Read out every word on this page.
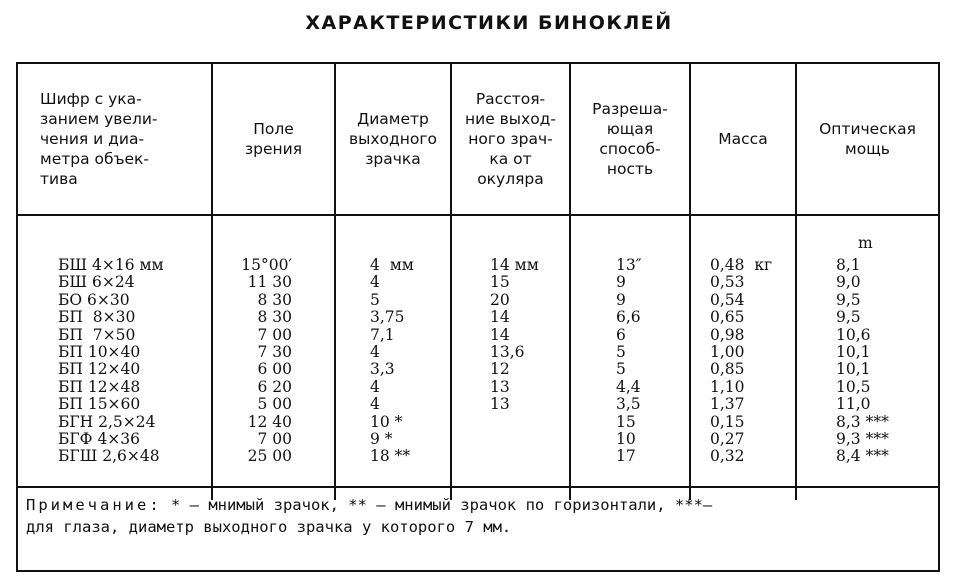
ХАРАКТЕРИСТИКИ БИНОКЛЕЙ
Шифр с ука-
занием увели-
чения и диа-
метра объек-
тива
Поле
зрения
Диаметр
выходного
зрачка
Расстоя-
ние выход-
ного зрач-
ка от
окуляра
Разреша-
ющая
способ-
ность
Масса
Оптическая
мощь
m
БШ 4×16 мм
БШ 6×24
БО 6×30
БП  8×30
БП  7×50
БП 10×40
БП 12×40
БП 12×48
БП 15×60
БГН 2,5×24
БГФ 4×36
БГШ 2,6×48
15°00′
11 30
8 30
8 30
7 00
7 30
6 00
6 20
5 00
12 40
7 00
25 00
4  мм
4
5
3,75
7,1
4
3,3
4
4
10 *
9 *
18 **
14 мм
15
20
14
14
13,6
12
13
13
13″
9
9
6,6
6
5
5
4,4
3,5
15
10
17
0,48  кг
0,53
0,54
0,65
0,98
1,00
0,85
1,10
1,37
0,15
0,27
0,32
8,1
9,0
9,5
9,5
10,6
10,1
10,1
10,5
11,0
8,3 ***
9,3 ***
8,4 ***
Примечание: * — мнимый зрачок, ** — мнимый зрачок по горизонтали, ***—
для глаза, диаметр выходного зрачка у которого 7 мм.
